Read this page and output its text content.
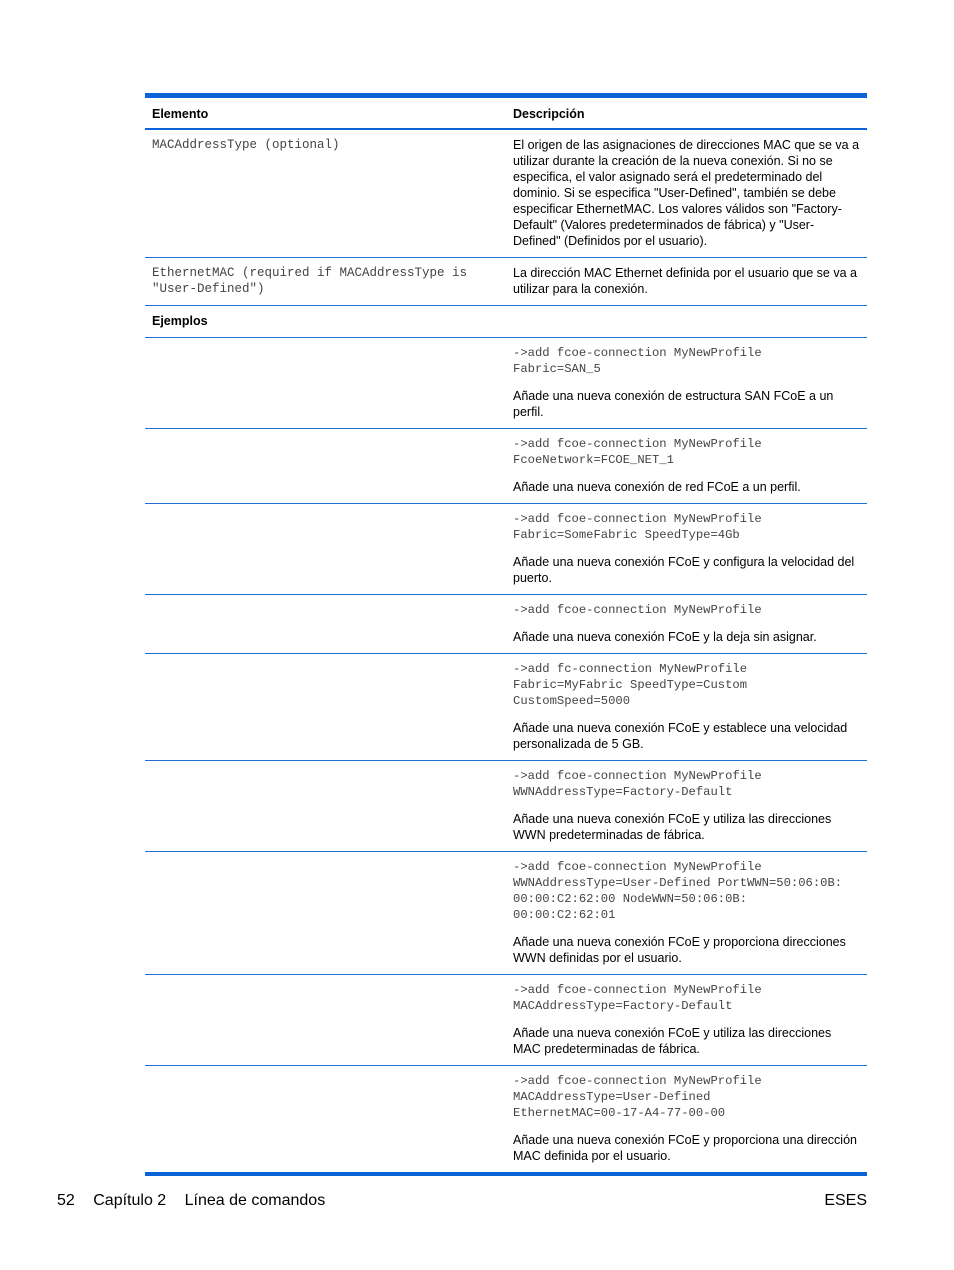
Elemento	Descripción
MACAddressType (optional)	El origen de las asignaciones de direcciones MAC que se va a utilizar durante la creación de la nueva conexión. Si no se especifica, el valor asignado será el predeterminado del dominio. Si se especifica "User-Defined", también se debe especificar EthernetMAC. Los valores válidos son "Factory-Default" (Valores predeterminados de fábrica) y "User-Defined" (Definidos por el usuario).
EthernetMAC (required if MACAddressType is "User-Defined")	La dirección MAC Ethernet definida por el usuario que se va a utilizar para la conexión.
Ejemplos	

	->add fcoe-connection MyNewProfile
Fabric=SAN_5
Añade una nueva conexión de estructura SAN FCoE a un perfil.

	->add fcoe-connection MyNewProfile
FcoeNetwork=FCOE_NET_1
Añade una nueva conexión de red FCoE a un perfil.

	->add fcoe-connection MyNewProfile
Fabric=SomeFabric SpeedType=4Gb
Añade una nueva conexión FCoE y configura la velocidad del puerto.

	->add fcoe-connection MyNewProfile
Añade una nueva conexión FCoE y la deja sin asignar.

	->add fc-connection MyNewProfile
Fabric=MyFabric SpeedType=Custom
CustomSpeed=5000
Añade una nueva conexión FCoE y establece una velocidad personalizada de 5 GB.

	->add fcoe-connection MyNewProfile
WWNAddressType=Factory-Default
Añade una nueva conexión FCoE y utiliza las direcciones WWN predeterminadas de fábrica.

	->add fcoe-connection MyNewProfile
WWNAddressType=User-Defined PortWWN=50:06:0B:
00:00:C2:62:00 NodeWWN=50:06:0B:
00:00:C2:62:01
Añade una nueva conexión FCoE y proporciona direcciones WWN definidas por el usuario.

	->add fcoe-connection MyNewProfile
MACAddressType=Factory-Default
Añade una nueva conexión FCoE y utiliza las direcciones MAC predeterminadas de fábrica.

	->add fcoe-connection MyNewProfile
MACAddressType=User-Defined
EthernetMAC=00-17-A4-77-00-00
Añade una nueva conexión FCoE y proporciona una dirección MAC definida por el usuario.
52 Capítulo 2 Línea de comandos	ESES
